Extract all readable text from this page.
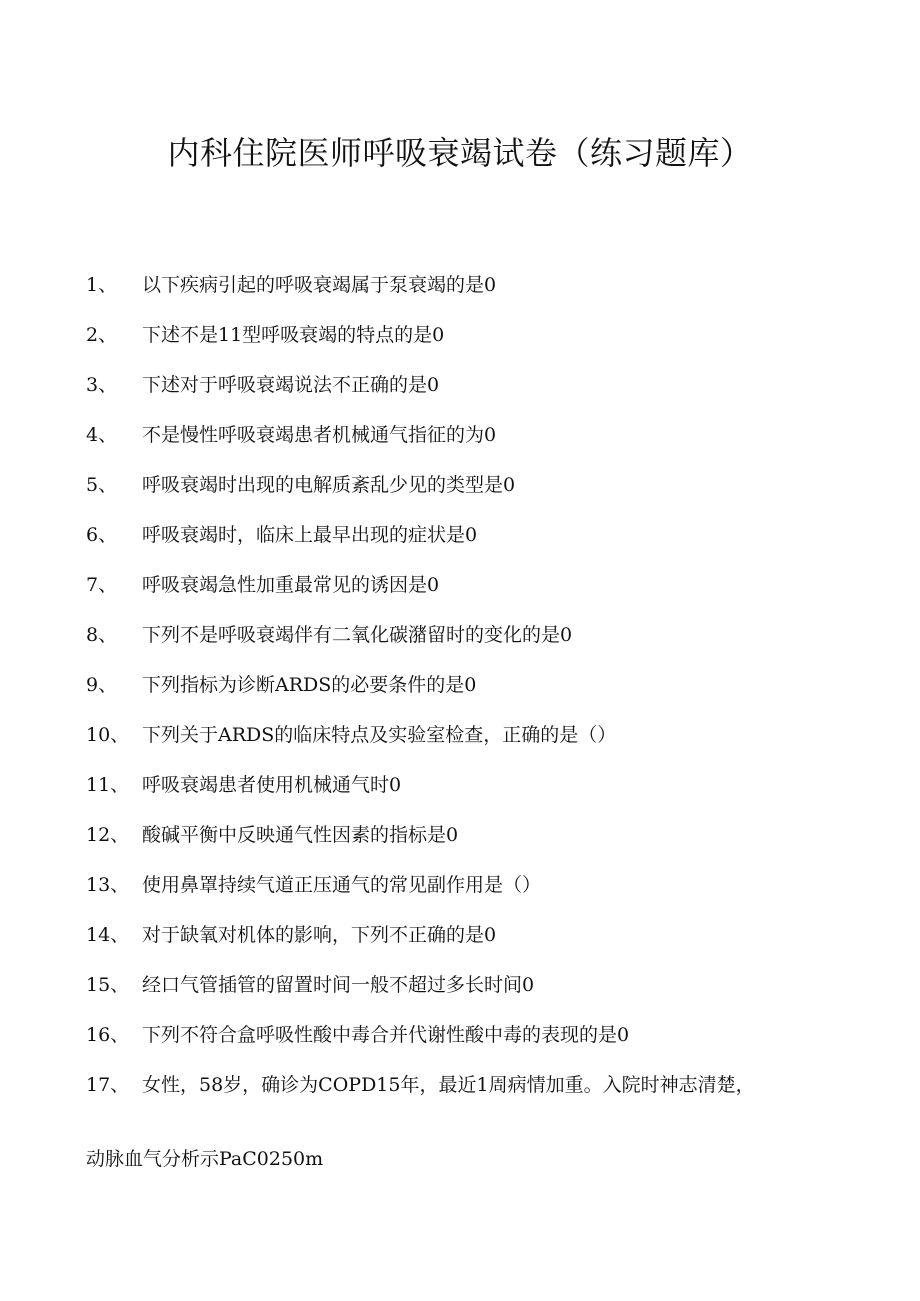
内科住院医师呼吸衰竭试卷（练习题库）
1、	以下疾病引起的呼吸衰竭属于泵衰竭的是0
2、	下述不是11型呼吸衰竭的特点的是0
3、	下述对于呼吸衰竭说法不正确的是0
4、	不是慢性呼吸衰竭患者机械通气指征的为0
5、	呼吸衰竭时出现的电解质紊乱少见的类型是0
6、	呼吸衰竭时，临床上最早出现的症状是0
7、	呼吸衰竭急性加重最常见的诱因是0
8、	下列不是呼吸衰竭伴有二氧化碳潴留时的变化的是0
9、	下列指标为诊断ARDS的必要条件的是0
10、 下列关于ARDS的临床特点及实验室检查，正确的是（）
11、 呼吸衰竭患者使用机械通气时0
12、 酸碱平衡中反映通气性因素的指标是0
13、 使用鼻罩持续气道正压通气的常见副作用是（）
14、 对于缺氧对机体的影响，下列不正确的是0
15、 经口气管插管的留置时间一般不超过多长时间0
16、 下列不符合盒呼吸性酸中毒合并代谢性酸中毒的表现的是0
17、 女性，58岁，确诊为COPD15年，最近1周病情加重。入院时神志清楚，

动脉血气分析示PaC0250m
